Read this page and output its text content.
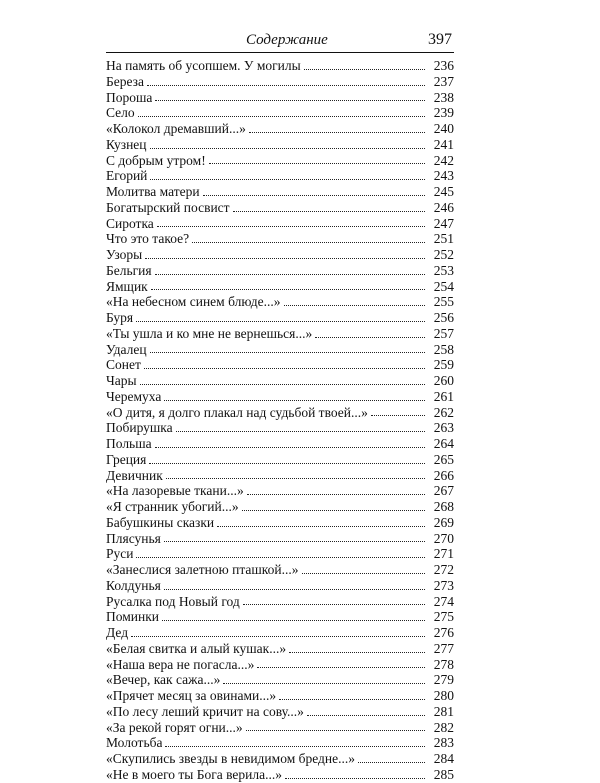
Содержание	397
На память об усопшем. У могилы	236
Береза	237
Пороша	238
Село	239
«Колокол дремавший...»	240
Кузнец	241
С добрым утром!	242
Егорий	243
Молитва матери	245
Богатырский посвист	246
Сиротка	247
Что это такое?	251
Узоры	252
Бельгия	253
Ямщик	254
«На небесном синем блюде...»	255
Буря	256
«Ты ушла и ко мне не вернешься...»	257
Удалец	258
Сонет	259
Чары	260
Черемуха	261
«О дитя, я долго плакал над судьбой твоей...»	262
Побирушка	263
Польша	264
Греция	265
Девичник	266
«На лазоревые ткани...»	267
«Я странник убогий...»	268
Бабушкины сказки	269
Плясунья	270
Руси	271
«Занеслися залетною пташкой...»	272
Колдунья	273
Русалка под Новый год	274
Поминки	275
Дед	276
«Белая свитка и алый кушак...»	277
«Наша вера не погасла...»	278
«Вечер, как сажа...»	279
«Прячет месяц за овинами...»	280
«По лесу леший кричит на сову...»	281
«За рекой горят огни...»	282
Молотьба	283
«Скупились звезды в невидимом бредне...»	284
«Не в моего ты Бога верила...»	285
